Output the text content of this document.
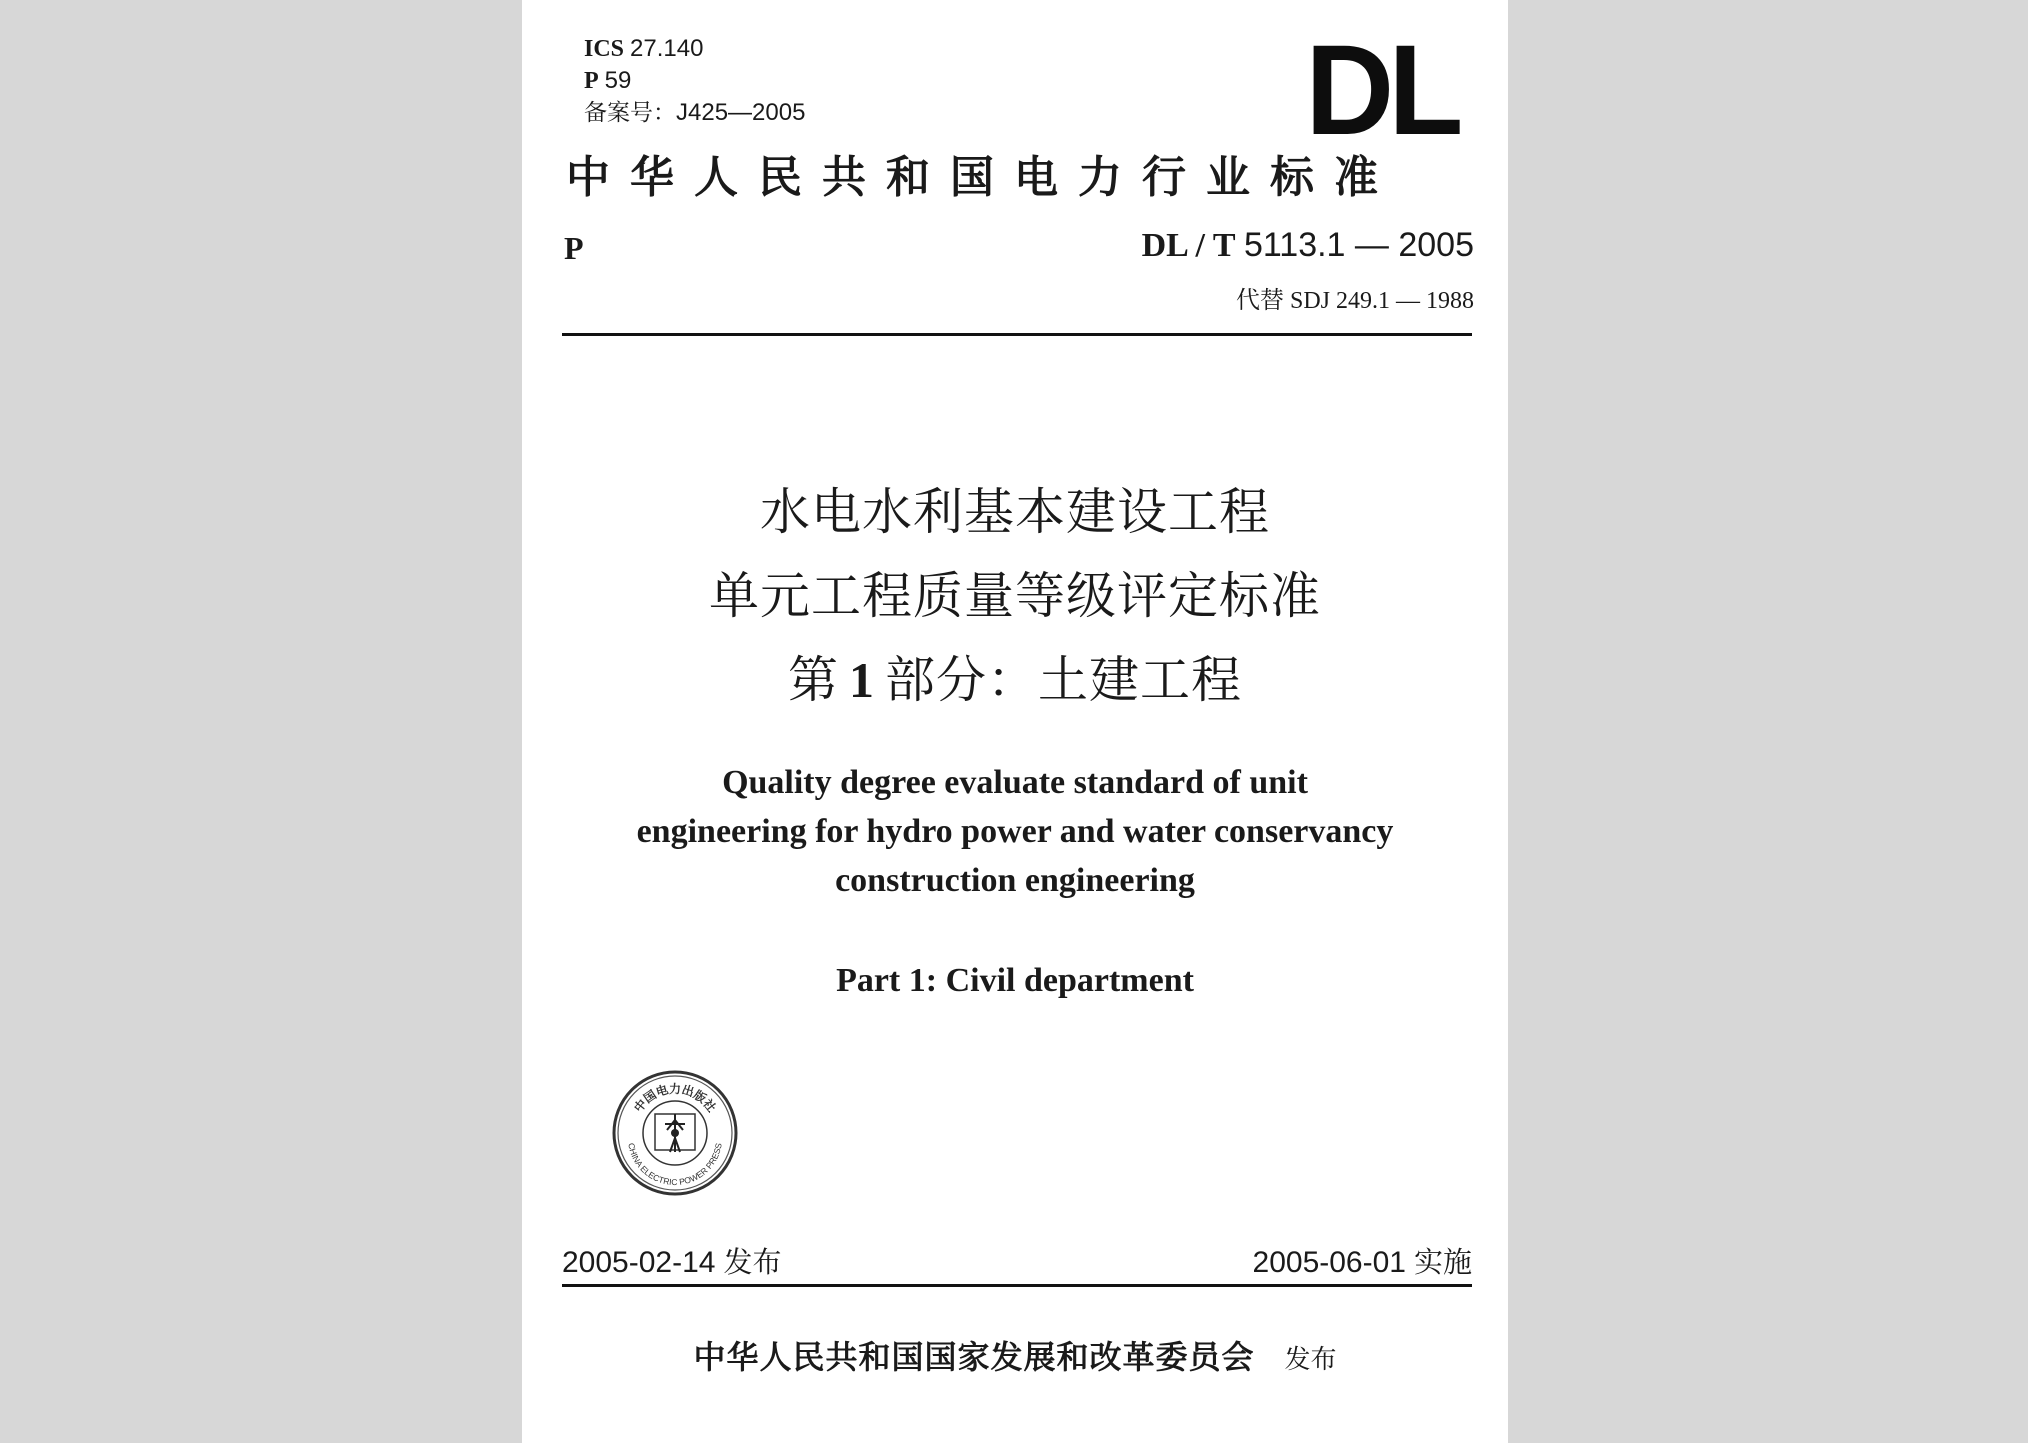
ICS 27.140
P 59
备案号：J425—2005	DL
中华人民共和国电力行业标准
P	DL / T 5113.1 — 2005
代替 SDJ 249.1 — 1988
水电水利基本建设工程
单元工程质量等级评定标准
第 1 部分：土建工程
Quality degree evaluate standard of unit
engineering for hydro power and water conservancy
construction engineering
Part 1: Civil department
中国电力出版社
CHINA ELECTRIC POWER PRESS
2005-02-14 发布	2005-06-01 实施
中华人民共和国国家发展和改革委员会 发布
